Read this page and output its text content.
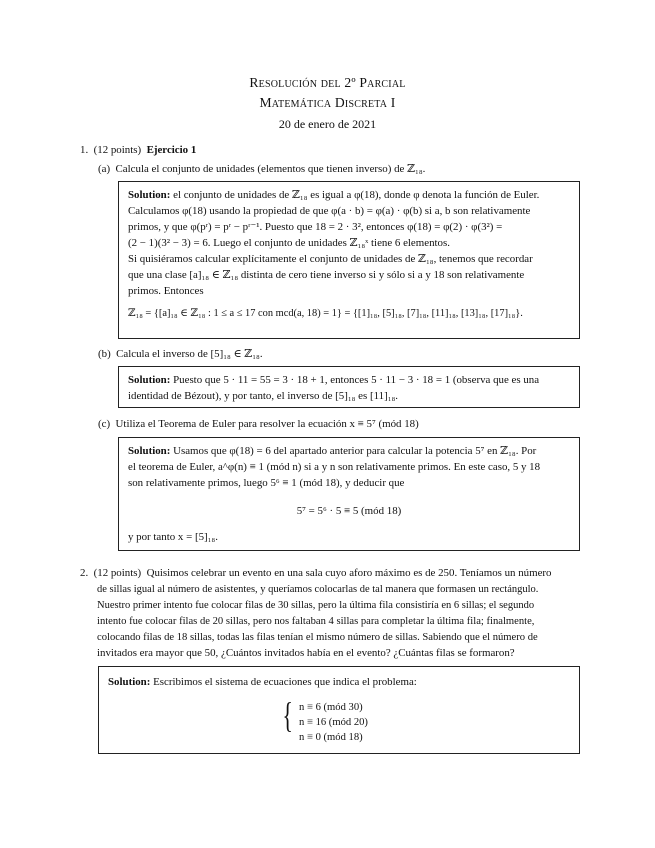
Resolución del 2º Parcial
Matemática Discreta I
20 de enero de 2021
1. (12 points) Ejercicio 1
(a) Calcula el conjunto de unidades (elementos que tienen inverso) de ℤ₁₈.
Solution: el conjunto de unidades de ℤ₁₈ es igual a φ(18), donde φ denota la función de Euler.
Calculamos φ(18) usando la propiedad de que φ(a · b) = φ(a) · φ(b) si a, b son relativamente
primos, y que φ(pʳ) = pʳ − pʳ⁻¹. Puesto que 18 = 2 · 3², entonces φ(18) = φ(2) · φ(3²) =
(2 − 1)(3² − 3) = 6. Luego el conjunto de unidades ℤ₁₈ˣ tiene 6 elementos.
Si quisiéramos calcular explícitamente el conjunto de unidades de ℤ₁₈, tenemos que recordar
que una clase [a]₁₈ ∈ ℤ₁₈ distinta de cero tiene inverso si y sólo si a y 18 son relativamente
primos. Entonces
ℤ₁₈ = {[a]₁₈ ∈ ℤ₁₈ : 1 ≤ a ≤ 17 con mcd(a, 18) = 1} = {[1]₁₈, [5]₁₈, [7]₁₈, [11]₁₈, [13]₁₈, [17]₁₈}.
(b) Calcula el inverso de [5]₁₈ ∈ ℤ₁₈.
Solution: Puesto que 5 · 11 = 55 = 3 · 18 + 1, entonces 5 · 11 − 3 · 18 = 1 (observa que es una
identidad de Bézout), y por tanto, el inverso de [5]₁₈ es [11]₁₈.
(c) Utiliza el Teorema de Euler para resolver la ecuación x ≡ 5⁷ (mód 18)
Solution: Usamos que φ(18) = 6 del apartado anterior para calcular la potencia 5⁷ en ℤ₁₈. Por
el teorema de Euler, a^φ(n) ≡ 1 (mód n) si a y n son relativamente primos. En este caso, 5 y 18
son relativamente primos, luego 5⁶ ≡ 1 (mód 18), y deducir que
5⁷ = 5⁶ · 5 ≡ 5 (mód 18)
y por tanto x = [5]₁₈.
2. (12 points) Quisimos celebrar un evento en una sala cuyo aforo máximo es de 250. Teníamos un número
de sillas igual al número de asistentes, y queríamos colocarlas de tal manera que formasen un rectángulo.
Nuestro primer intento fue colocar filas de 30 sillas, pero la última fila consistiría en 6 sillas; el segundo
intento fue colocar filas de 20 sillas, pero nos faltaban 4 sillas para completar la última fila; finalmente,
colocando filas de 18 sillas, todas las filas tenían el mismo número de sillas. Sabiendo que el número de
invitados era mayor que 50, ¿Cuántos invitados había en el evento? ¿Cuántas filas se formaron?
Solution: Escribimos el sistema de ecuaciones que indica el problema:
{ n ≡ 6 (mód 30)
n ≡ 16 (mód 20)
n ≡ 0 (mód 18)
